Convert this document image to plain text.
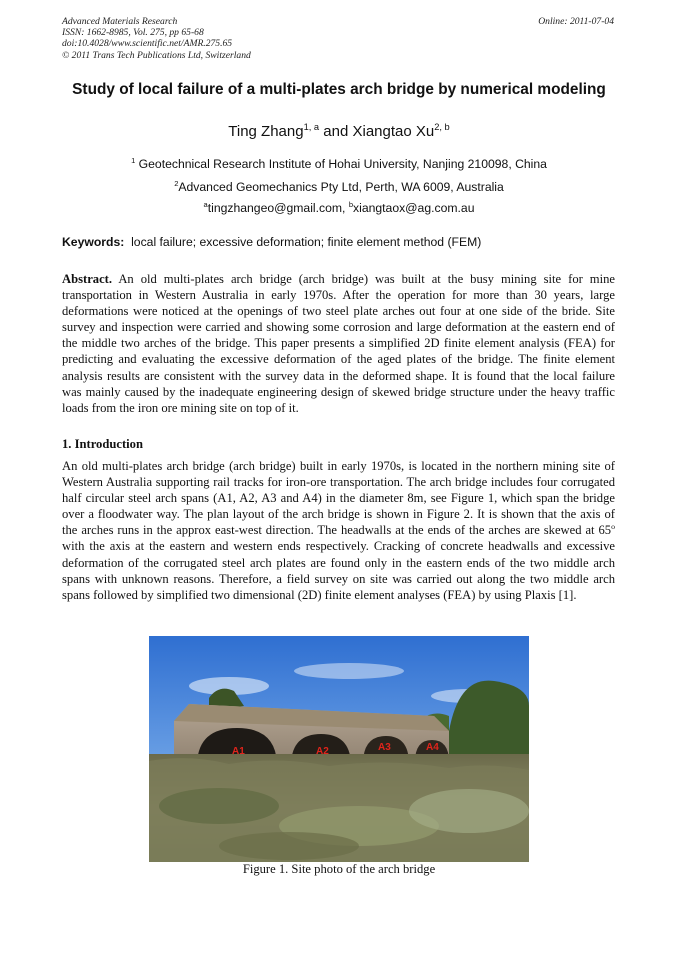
Advanced Materials Research
ISSN: 1662-8985, Vol. 275, pp 65-68
doi:10.4028/www.scientific.net/AMR.275.65
© 2011 Trans Tech Publications Ltd, Switzerland
Online: 2011-07-04
Study of local failure of a multi-plates arch bridge by numerical modeling
Ting Zhang$^{1, a}$ and Xiangtao Xu$^{2, b}$
$^1$ Geotechnical Research Institute of Hohai University, Nanjing 210098, China
$^2$Advanced Geomechanics Pty Ltd, Perth, WA 6009, Australia
$^a$tingzhangeo@gmail.com, $^b$xiangtaox@ag.com.au
Keywords:  local failure; excessive deformation; finite element method (FEM)
Abstract. An old multi-plates arch bridge (arch bridge) was built at the busy mining site for mine transportation in Western Australia in early 1970s. After the operation for more than 30 years, large deformations were noticed at the openings of two steel plate arches out four at one side of the bride. Site survey and inspection were carried and showing some corrosion and large deformation at the eastern end of the middle two arches of the bridge. This paper presents a simplified 2D finite element analysis (FEA) for predicting and evaluating the excessive deformation of the aged plates of the bridge. The finite element analysis results are consistent with the survey data in the deformed shape. It is found that the local failure was mainly caused by the inadequate engineering design of skewed bridge structure under the heavy traffic loads from the iron ore mining site on top of it.
1. Introduction
An old multi-plates arch bridge (arch bridge) built in early 1970s, is located in the northern mining site of Western Australia supporting rail tracks for iron-ore transportation. The arch bridge includes four corrugated half circular steel arch spans (A1, A2, A3 and A4) in the diameter 8m, see Figure 1, which span the bridge over a floodwater way. The plan layout of the arch bridge is shown in Figure 2. It is shown that the axis of the arches runs in the approx east-west direction. The headwalls at the ends of the arches are skewed at 65$^o$ with the axis at the eastern and western ends respectively. Cracking of concrete headwalls and excessive deformation of the corrugated steel arch plates are found only in the eastern ends of the two middle arch spans with unknown reasons. Therefore, a field survey on site was carried out along the two middle arch spans followed by simplified two dimensional (2D) finite element analyses (FEA) by using Plaxis [1].
A1	A2	A3	A4
Figure 1. Site photo of the arch bridge
